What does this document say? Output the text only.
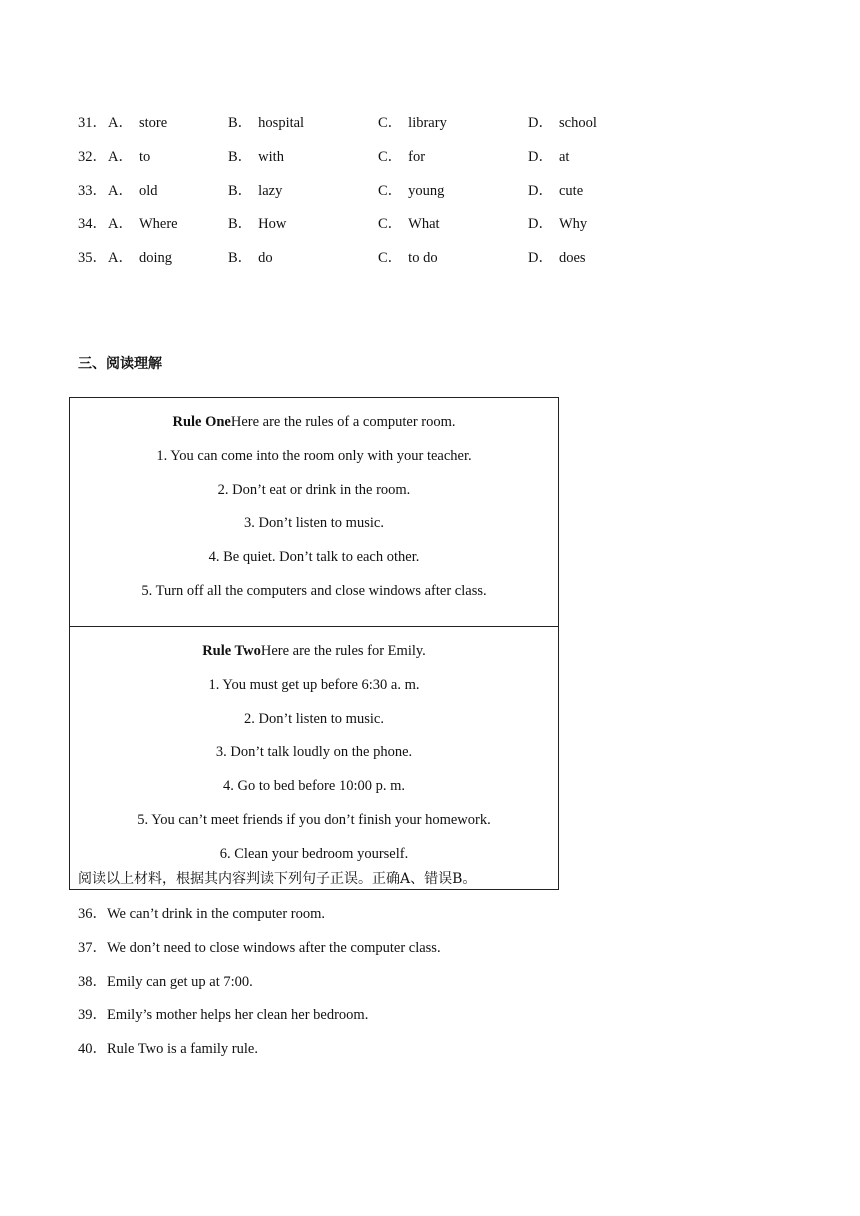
31． A． store	B． hospital	C． library	D． school
32． A． to	B． with	C． for	D． at
33． A． old	B． lazy	C． young	D． cute
34． A． Where	B． How	C． What	D． Why
35． A． doing	B． do	C． to do	D． does
三、阅读理解
Rule OneHere are the rules of a computer room.
1. You can come into the room only with your teacher.
2. Don’t eat or drink in the room.
3. Don’t listen to music.
4. Be quiet. Don’t talk to each other.
5. Turn off all the computers and close windows after class.
Rule TwoHere are the rules for Emily.
1. You must get up before 6:30 a. m.
2. Don’t listen to music.
3. Don’t talk loudly on the phone.
4. Go to bed before 10:00 p. m.
5. You can’t meet friends if you don’t finish your homework.
6. Clean your bedroom yourself.
阅读以上材料，根据其内容判读下列句子正误。正确A、错误B。
36．We can’t drink in the computer room.
37．We don’t need to close windows after the computer class.
38．Emily can get up at 7:00.
39．Emily’s mother helps her clean her bedroom.
40．Rule Two is a family rule.
